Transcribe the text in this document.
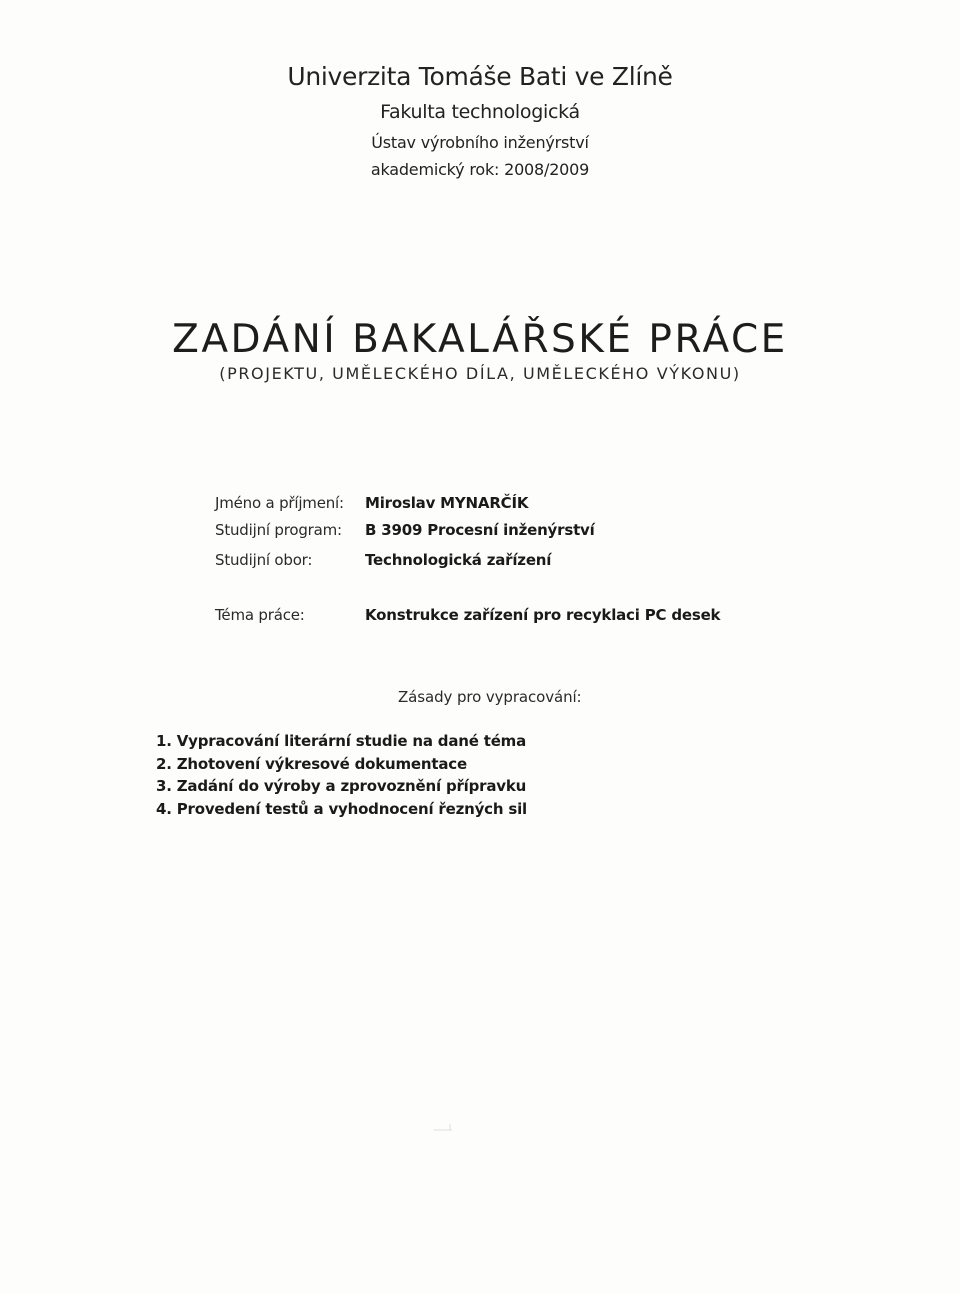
Univerzita Tomáše Bati ve Zlíně
Fakulta technologická
Ústav výrobního inženýrství
akademický rok: 2008/2009
ZADÁNÍ BAKALÁŘSKÉ PRÁCE
(PROJEKTU, UMĚLECKÉHO DÍLA, UMĚLECKÉHO VÝKONU)
Jméno a příjmení: Miroslav MYNARČÍK
Studijní program: B 3909 Procesní inženýrství
Studijní obor:	Technologická zařízení
Téma práce:	Konstrukce zařízení pro recyklaci PC desek
Zásady pro vypracování:
1. Vypracování literární studie na dané téma
2. Zhotovení výkresové dokumentace
3. Zadání do výroby a zprovoznění přípravku
4. Provedení testů a vyhodnocení řezných sil
